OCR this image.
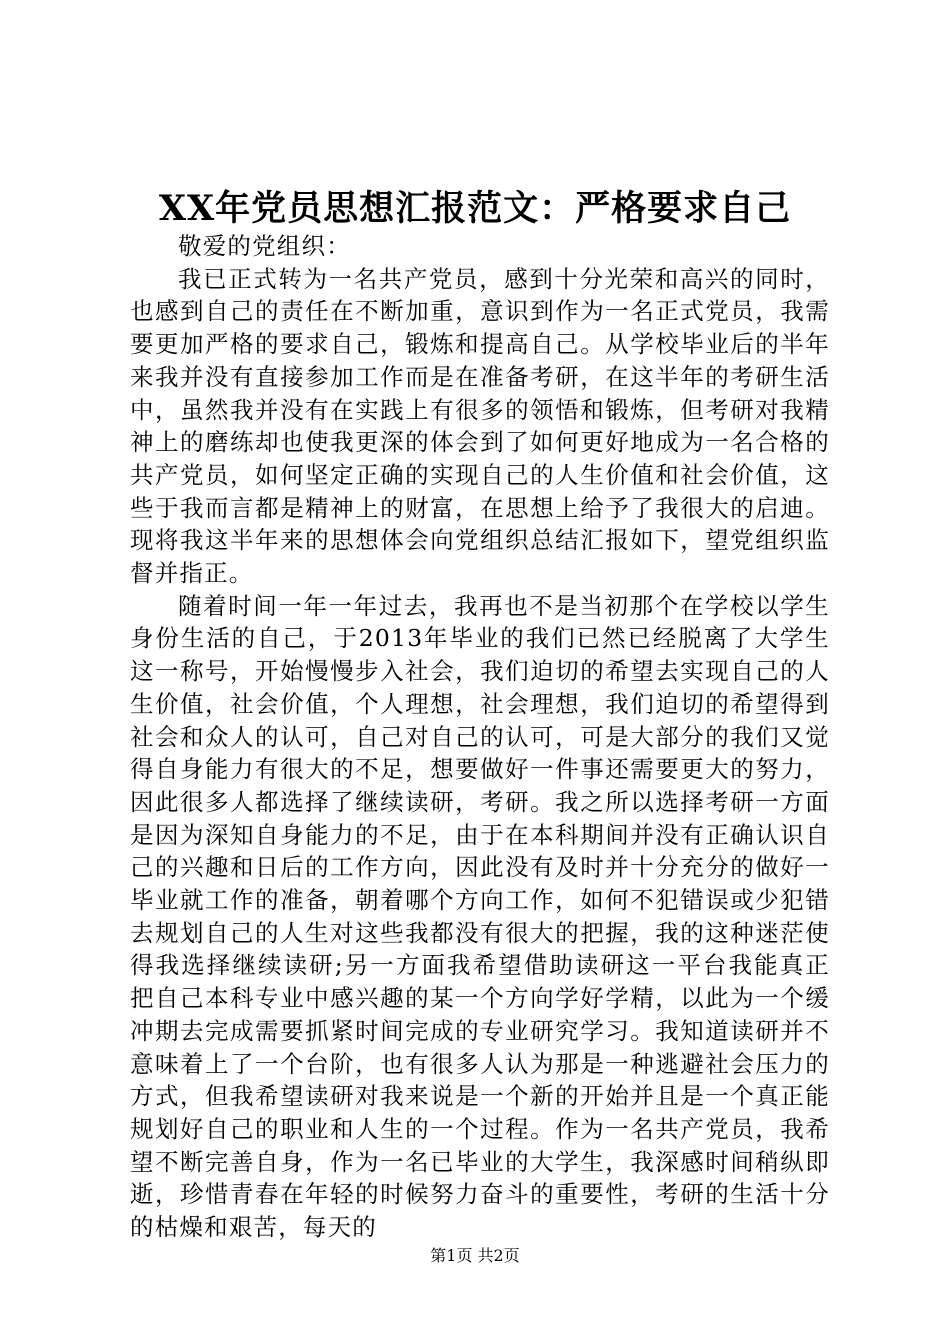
XX年党员思想汇报范文：严格要求自己

敬爱的党组织：

我已正式转为一名共产党员，感到十分光荣和高兴的同时，也感到自己的责任在不断加重，意识到作为一名正式党员，我需要更加严格的要求自己，锻炼和提高自己。从学校毕业后的半年来我并没有直接参加工作而是在准备考研，在这半年的考研生活中，虽然我并没有在实践上有很多的领悟和锻炼，但考研对我精神上的磨练却也使我更深的体会到了如何更好地成为一名合格的共产党员，如何坚定正确的实现自己的人生价值和社会价值，这些于我而言都是精神上的财富，在思想上给予了我很大的启迪。现将我这半年来的思想体会向党组织总结汇报如下，望党组织监督并指正。

随着时间一年一年过去，我再也不是当初那个在学校以学生身份生活的自己，于2013年毕业的我们已然已经脱离了大学生这一称号，开始慢慢步入社会，我们迫切的希望去实现自己的人生价值，社会价值，个人理想，社会理想，我们迫切的希望得到社会和众人的认可，自己对自己的认可，可是大部分的我们又觉得自身能力有很大的不足，想要做好一件事还需要更大的努力，因此很多人都选择了继续读研，考研。我之所以选择考研一方面是因为深知自身能力的不足，由于在本科期间并没有正确认识自己的兴趣和日后的工作方向，因此没有及时并十分充分的做好一毕业就工作的准备，朝着哪个方向工作，如何不犯错误或少犯错去规划自己的人生对这些我都没有很大的把握，我的这种迷茫使得我选择继续读研;另一方面我希望借助读研这一平台我能真正把自己本科专业中感兴趣的某一个方向学好学精，以此为一个缓冲期去完成需要抓紧时间完成的专业研究学习。我知道读研并不意味着上了一个台阶，也有很多人认为那是一种逃避社会压力的方式，但我希望读研对我来说是一个新的开始并且是一个真正能规划好自己的职业和人生的一个过程。作为一名共产党员，我希望不断完善自身，作为一名已毕业的大学生，我深感时间稍纵即逝，珍惜青春在年轻的时候努力奋斗的重要性，考研的生活十分的枯燥和艰苦，每天的

第1页 共2页
